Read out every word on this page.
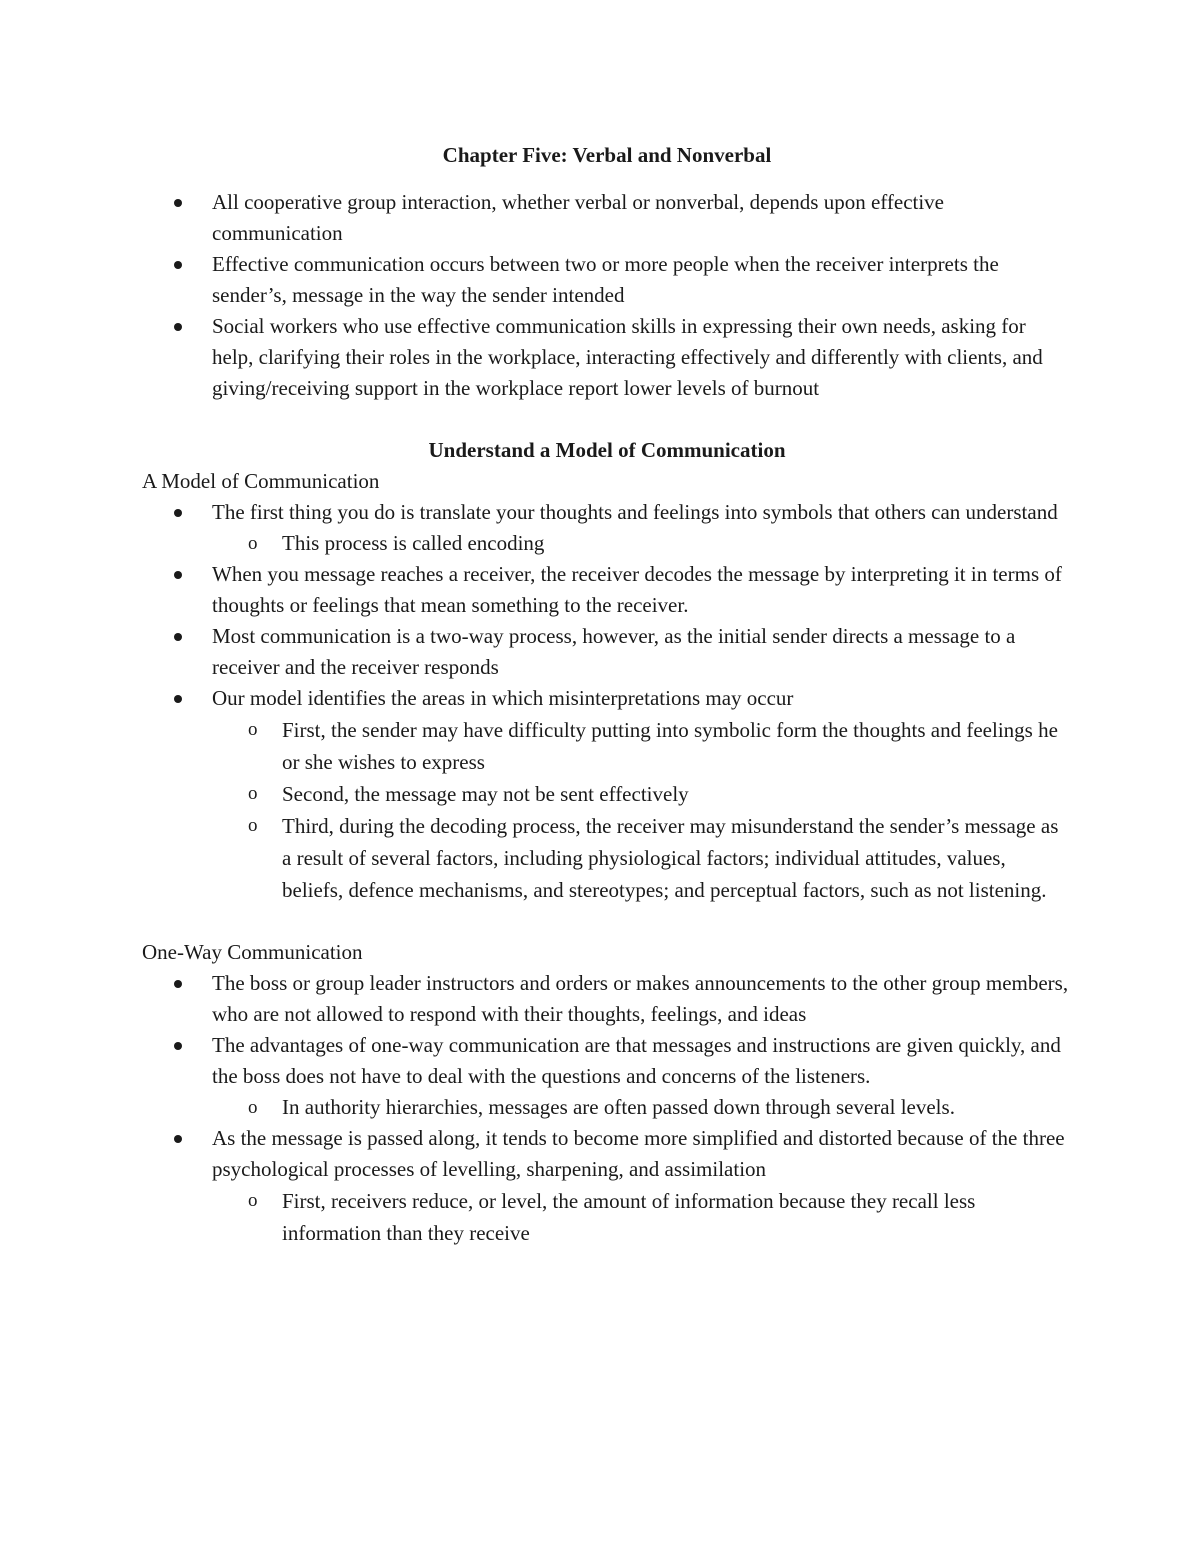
Chapter Five: Verbal and Nonverbal
All cooperative group interaction, whether verbal or nonverbal, depends upon effective communication
Effective communication occurs between two or more people when the receiver interprets the sender’s, message in the way the sender intended
Social workers who use effective communication skills in expressing their own needs, asking for help, clarifying their roles in the workplace, interacting effectively and differently with clients, and giving/receiving support in the workplace report lower levels of burnout
Understand a Model of Communication

A Model of Communication

The first thing you do is translate your thoughts and feelings into symbols that others can understand
o This process is called encoding
When you message reaches a receiver, the receiver decodes the message by interpreting it in terms of thoughts or feelings that mean something to the receiver.
Most communication is a two-way process, however, as the initial sender directs a message to a receiver and the receiver responds
Our model identifies the areas in which misinterpretations may occur
o First, the sender may have difficulty putting into symbolic form the thoughts and feelings he or she wishes to express
o Second, the message may not be sent effectively
o Third, during the decoding process, the receiver may misunderstand the sender’s message as a result of several factors, including physiological factors; individual attitudes, values, beliefs, defence mechanisms, and stereotypes; and perceptual factors, such as not listening.

One-Way Communication

The boss or group leader instructors and orders or makes announcements to the other group members, who are not allowed to respond with their thoughts, feelings, and ideas
The advantages of one-way communication are that messages and instructions are given quickly, and the boss does not have to deal with the questions and concerns of the listeners.
o In authority hierarchies, messages are often passed down through several levels.
As the message is passed along, it tends to become more simplified and distorted because of the three psychological processes of levelling, sharpening, and assimilation
o First, receivers reduce, or level, the amount of information because they recall less information than they receive
